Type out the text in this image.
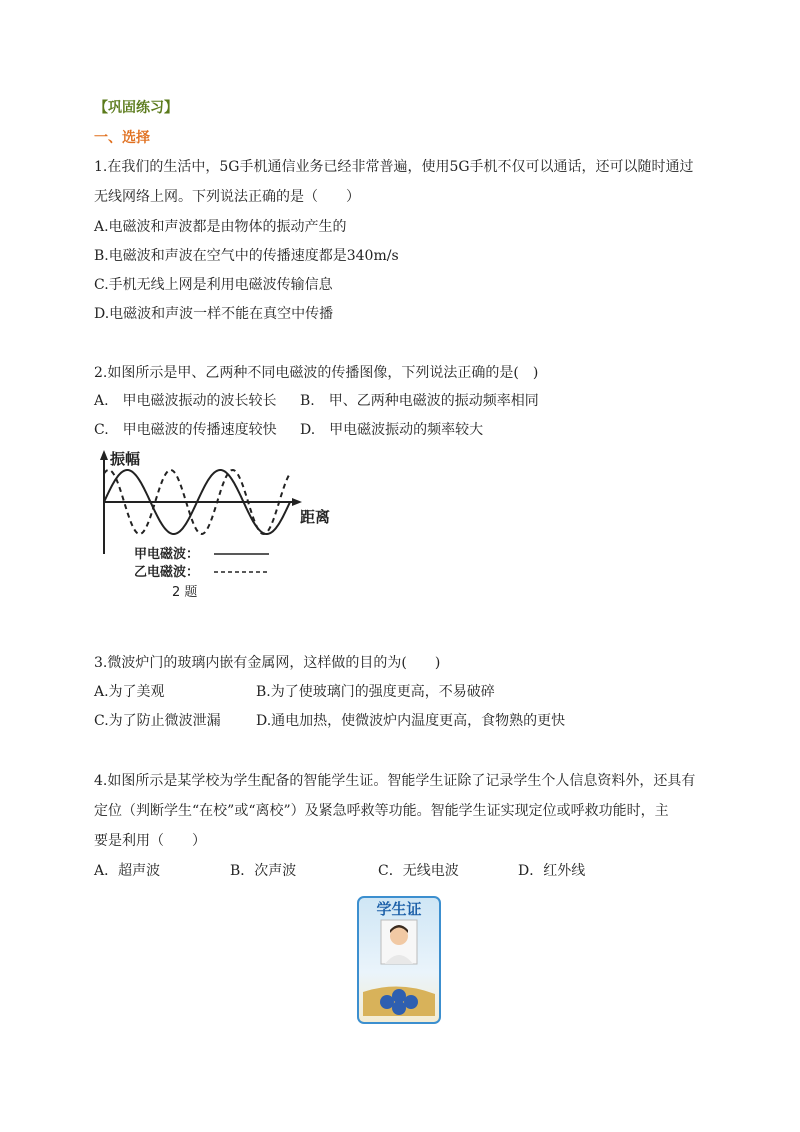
【巩固练习】
一、选择
1.在我们的生活中，5G手机通信业务已经非常普遍，使用5G手机不仅可以通话，还可以随时通过
无线网络上网。下列说法正确的是（　　）
A.电磁波和声波都是由物体的振动产生的
B.电磁波和声波在空气中的传播速度都是340m/s
C.手机无线上网是利用电磁波传输信息
D.电磁波和声波一样不能在真空中传播
2.如图所示是甲、乙两种不同电磁波的传播图像，下列说法正确的是(　)
A.　甲电磁波振动的波长较长 B.　甲、乙两种电磁波的振动频率相同
C.　甲电磁波的传播速度较快 D.　甲电磁波振动的频率较大
振幅
距离
甲电磁波：
乙电磁波：
2 题
3.微波炉门的玻璃内嵌有金属网，这样做的目的为(　　)
A.为了美观	B.为了使玻璃门的强度更高，不易破碎
C.为了防止微波泄漏	D.通电加热，使微波炉内温度更高，食物熟的更快
4.如图所示是某学校为学生配备的智能学生证。智能学生证除了记录学生个人信息资料外，还具有
定位（判断学生“在校”或“离校”）及紧急呼救等功能。智能学生证实现定位或呼救功能时，主
要是利用（　　）
A．超声波	B．次声波	C．无线电波	D．红外线
学生证
